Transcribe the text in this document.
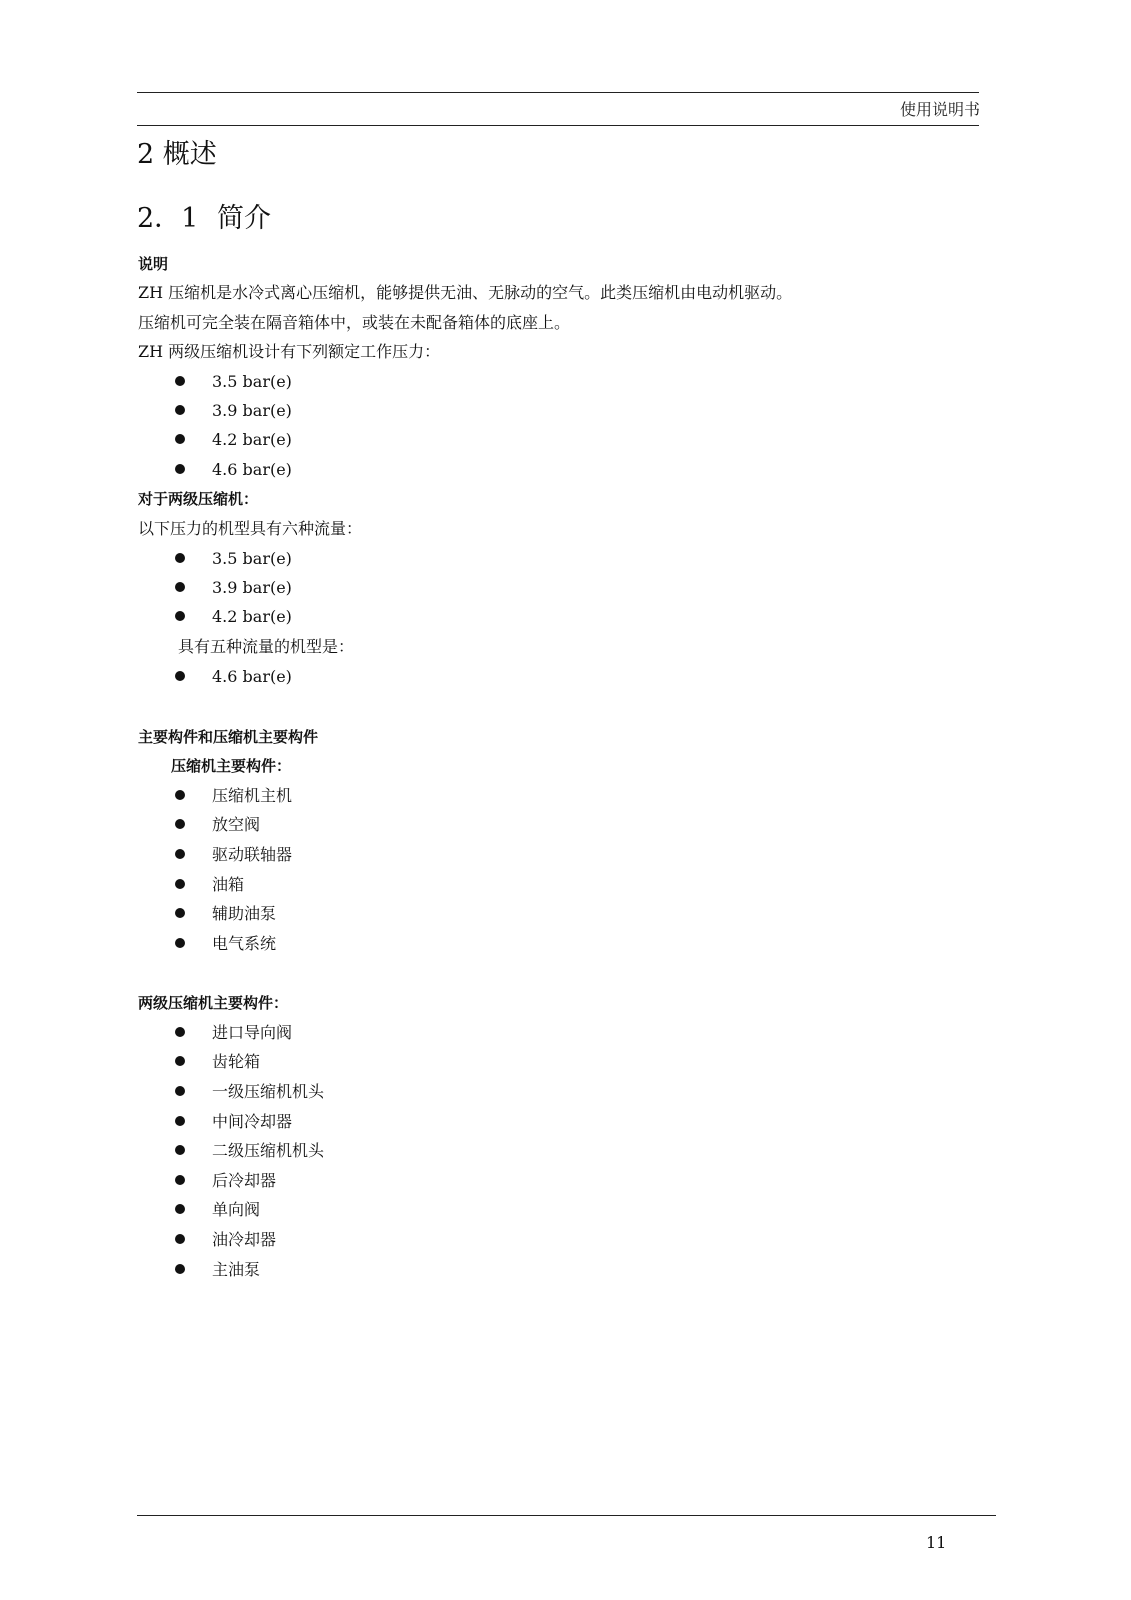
使用说明书
2 概述
2．1 简介
说明
ZH 压缩机是水冷式离心压缩机，能够提供无油、无脉动的空气。此类压缩机由电动机驱动。
压缩机可完全装在隔音箱体中，或装在未配备箱体的底座上。
ZH 两级压缩机设计有下列额定工作压力：
3.5 bar(e)
3.9 bar(e)
4.2 bar(e)
4.6 bar(e)
对于两级压缩机：
以下压力的机型具有六种流量：
3.5 bar(e)
3.9 bar(e)
4.2 bar(e)
具有五种流量的机型是：
4.6 bar(e)
主要构件和压缩机主要构件
压缩机主要构件：
压缩机主机
放空阀
驱动联轴器
油箱
辅助油泵
电气系统
两级压缩机主要构件：
进口导向阀
齿轮箱
一级压缩机机头
中间冷却器
二级压缩机机头
后冷却器
单向阀
油冷却器
主油泵
11
